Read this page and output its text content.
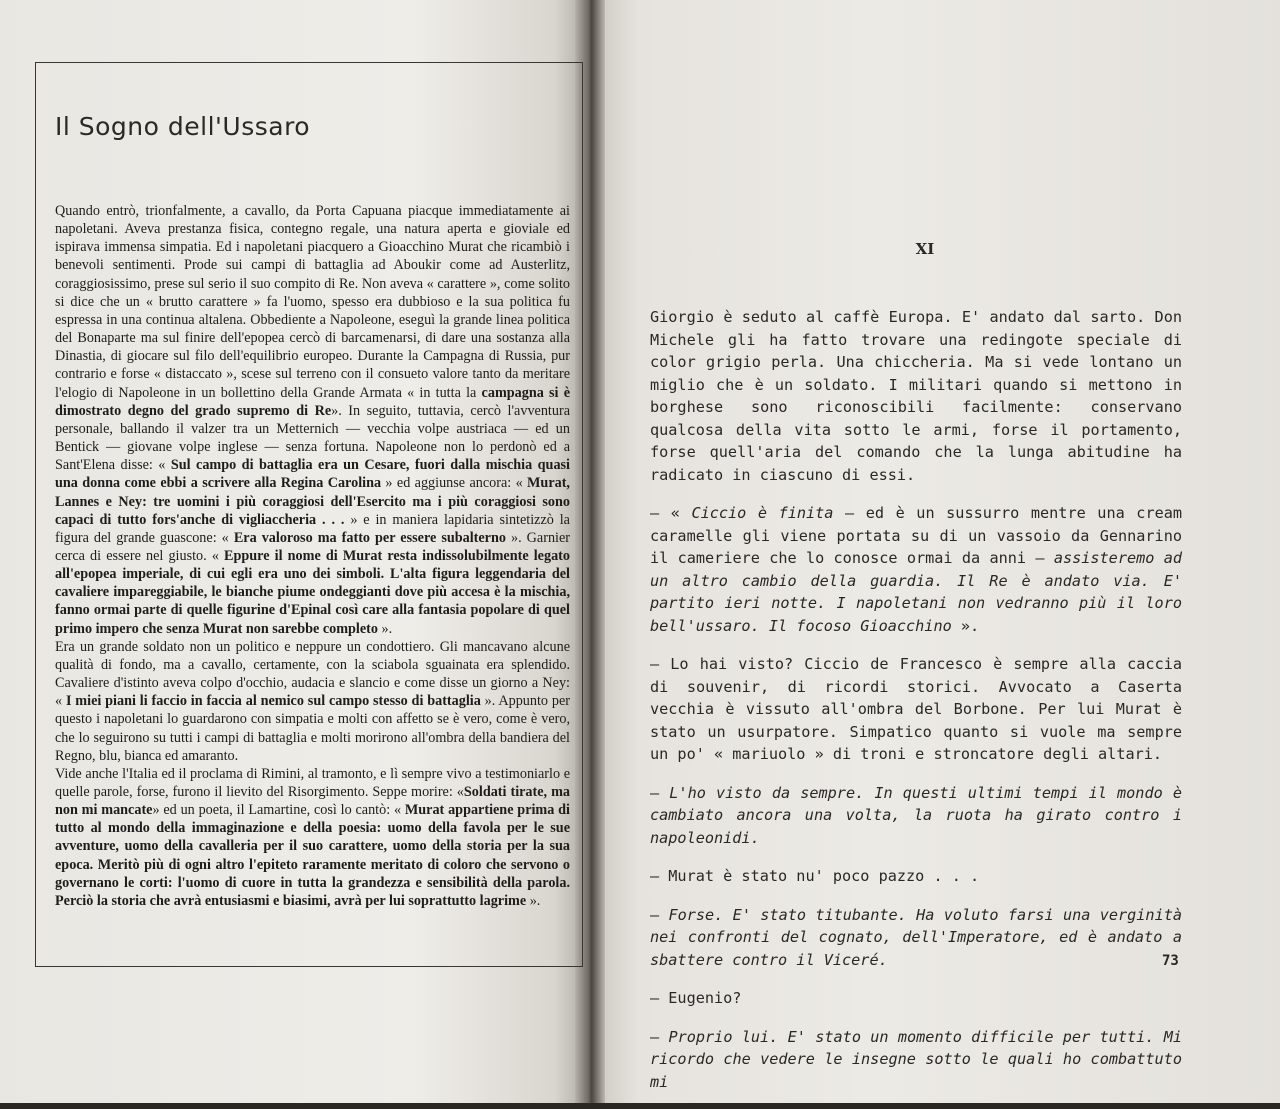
Il Sogno dell'Ussaro

Quando entrò, trionfalmente, a cavallo, da Porta Capuana piacque immediatamente ai napoletani. Aveva prestanza fisica, contegno regale, una natura aperta e gioviale ed ispirava immensa simpatia. Ed i napoletani piacquero a Gioacchino Murat che ricambiò i benevoli sentimenti. Prode sui campi di battaglia ad Aboukir come ad Austerlitz, coraggiosissimo, prese sul serio il suo compito di Re. Non aveva « carattere », come solito si dice che un « brutto carattere » fa l'uomo, spesso era dubbioso e la sua politica fu espressa in una continua altalena. Obbediente a Napoleone, eseguì la grande linea politica del Bonaparte ma sul finire dell'epopea cercò di barcamenarsi, di dare una sostanza alla Dinastia, di giocare sul filo dell'equilibrio europeo. Durante la Campagna di Russia, pur contrario e forse « distaccato », scese sul terreno con il consueto valore tanto da meritare l'elogio di Napoleone in un bollettino della Grande Armata « in tutta la campagna si è dimostrato degno del grado supremo di Re». In seguito, tuttavia, cercò l'avventura personale, ballando il valzer tra un Metternich — vecchia volpe austriaca — ed un Bentick — giovane volpe inglese — senza fortuna. Napoleone non lo perdonò ed a Sant'Elena disse: « Sul campo di battaglia era un Cesare, fuori dalla mischia quasi una donna come ebbi a scrivere alla Regina Carolina » ed aggiunse ancora: « Murat, Lannes e Ney: tre uomini i più coraggiosi dell'Esercito ma i più coraggiosi sono capaci di tutto fors'anche di vigliaccheria . . . » e in maniera lapidaria sintetizzò la figura del grande guascone: « Era valoroso ma fatto per essere subalterno ». Garnier cerca di essere nel giusto. « Eppure il nome di Murat resta indissolubilmente legato all'epopea imperiale, di cui egli era uno dei simboli. L'alta figura leggendaria del cavaliere impareggiabile, le bianche piume ondeggianti dove più accesa è la mischia, fanno ormai parte di quelle figurine d'Epinal così care alla fantasia popolare di quel primo impero che senza Murat non sarebbe completo ».

Era un grande soldato non un politico e neppure un condottiero. Gli mancavano alcune qualità di fondo, ma a cavallo, certamente, con la sciabola sguainata era splendido. Cavaliere d'istinto aveva colpo d'occhio, audacia e slancio e come disse un giorno a Ney: « I miei piani li faccio in faccia al nemico sul campo stesso di battaglia ». Appunto per questo i napoletani lo guardarono con simpatia e molti con affetto se è vero, come è vero, che lo seguirono su tutti i campi di battaglia e molti morirono all'ombra della bandiera del Regno, blu, bianca ed amaranto.

Vide anche l'Italia ed il proclama di Rimini, al tramonto, e lì sempre vivo a testimoniarlo e quelle parole, forse, furono il lievito del Risorgimento. Seppe morire: «Soldati tirate, ma non mi mancate» ed un poeta, il Lamartine, così lo cantò: « Murat appartiene prima di tutto al mondo della immaginazione e della poesia: uomo della favola per le sue avventure, uomo della cavalleria per il suo carattere, uomo della storia per la sua epoca. Meritò più di ogni altro l'epiteto raramente meritato di coloro che servono o governano le corti: l'uomo di cuore in tutta la grandezza e sensibilità della parola. Perciò la storia che avrà entusiasmi e biasimi, avrà per lui soprattutto lagrime ».

XI

Giorgio è seduto al caffè Europa. E' andato dal sarto. Don Michele gli ha fatto trovare una redingote speciale di color grigio perla. Una chiccheria. Ma si vede lontano un miglio che è un soldato. I militari quando si mettono in borghese sono riconoscibili facilmente: conservano qualcosa della vita sotto le armi, forse il portamento, forse quell'aria del comando che la lunga abitudine ha radicato in ciascuno di essi.

— « Ciccio è finita — ed è un sussurro mentre una cream caramelle gli viene portata su di un vassoio da Gennarino il cameriere che lo conosce ormai da anni — assisteremo ad un altro cambio della guardia. Il Re è andato via. E' partito ieri notte. I napoletani non vedranno più il loro bell'ussaro. Il focoso Gioacchino ».

— Lo hai visto? Ciccio de Francesco è sempre alla caccia di souvenir, di ricordi storici. Avvocato a Caserta vecchia è vissuto all'ombra del Borbone. Per lui Murat è stato un usurpatore. Simpatico quanto si vuole ma sempre un po' « mariuolo » di troni e stroncatore degli altari.

— L'ho visto da sempre. In questi ultimi tempi il mondo è cambiato ancora una volta, la ruota ha girato contro i napoleonidi.

— Murat è stato nu' poco pazzo . . .

— Forse. E' stato titubante. Ha voluto farsi una verginità nei confronti del cognato, dell'Imperatore, ed è andato a sbattere contro il Viceré.

— Eugenio?

— Proprio lui. E' stato un momento difficile per tutti. Mi ricordo che vedere le insegne sotto le quali ho combattuto mi

73
